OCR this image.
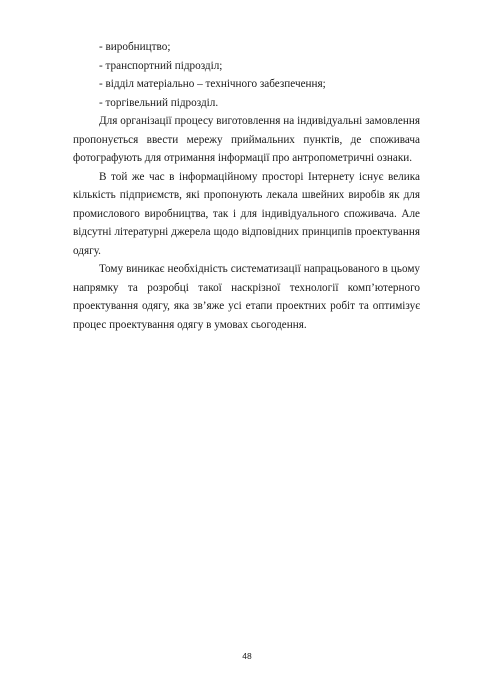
- виробництво;

- транспортний підрозділ;

- відділ матеріально – технічного забезпечення;

- торгівельний підрозділ.

Для організації процесу виготовлення на індивідуальні замовлення пропонується ввести мережу приймальних пунктів, де споживача фотографують для отримання інформації про антропометричні ознаки.

В той же час в інформаційному просторі Інтернету існує велика кількість підприємств, які пропонують лекала швейних виробів як для промислового виробництва, так і для індивідуального споживача. Але відсутні літературні джерела щодо відповідних принципів проектування одягу.

Тому виникає необхідність систематизації напрацьованого в цьому напрямку та розробці такої наскрізної технології комп’ютерного проектування одягу, яка зв’яже усі етапи проектних робіт та оптимізує процес проектування одягу в умовах сьогодення.

48
